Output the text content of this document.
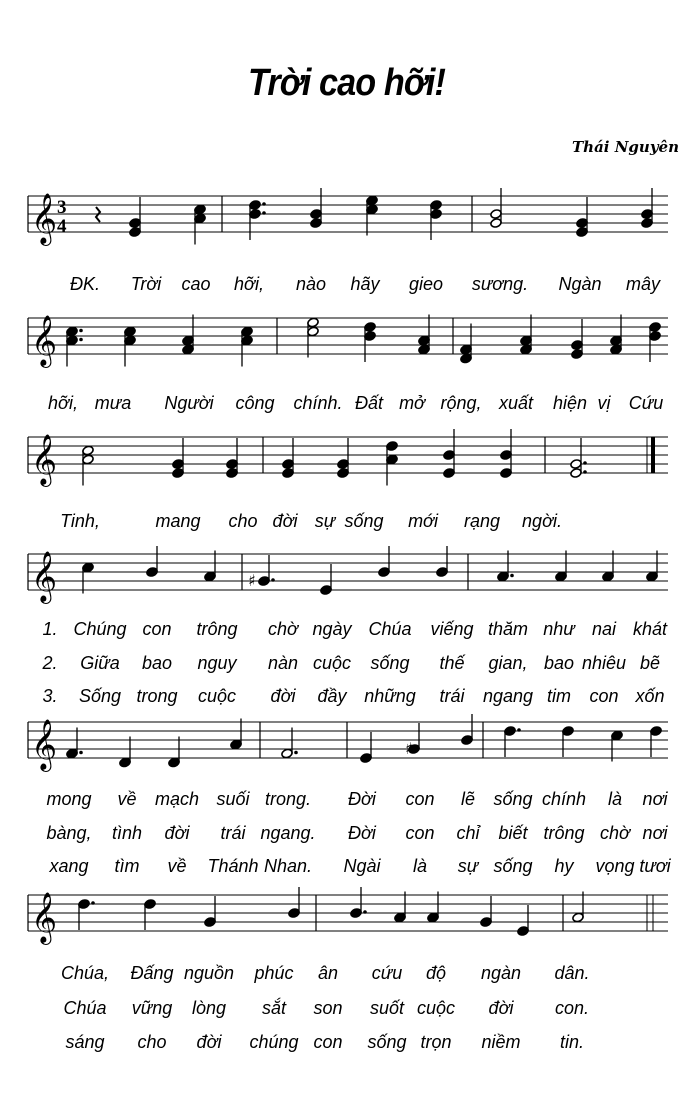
Trời cao hỡi!
Thái Nguyên
𝄞 3
4
𝄞
𝄞
𝄞
𝄞
𝄞
♯
♯
ĐK. Trời cao hỡi, nào hãy gieo sương. Ngàn mây
hỡi, mưa Người công chính. Đất mở rộng, xuất hiện vị Cứu
Tinh,	mang cho đời sự sống mới rạng ngời.
1. Chúng con trông chờ ngày Chúa viếng thăm như nai khát
2. Giữa bao nguy nàn cuộc sống thế gian, bao nhiêu bẽ
3. Sống trong cuộc đời đầy những trái ngang tim con xốn
mong về mạch suối trong. Đời con lẽ sống chính là nơi
bàng, tình đời trái ngang. Đời con chỉ biết trông chờ nơi
xang tìm về Thánh Nhan. Ngài là sự sống hy vọng tươi
Chúa, Đấng nguồn phúc ân cứu độ ngàn dân.
Chúa vững lòng sắt son suốt cuộc đời con.
sáng cho đời chúng con sống trọn niềm tin.
